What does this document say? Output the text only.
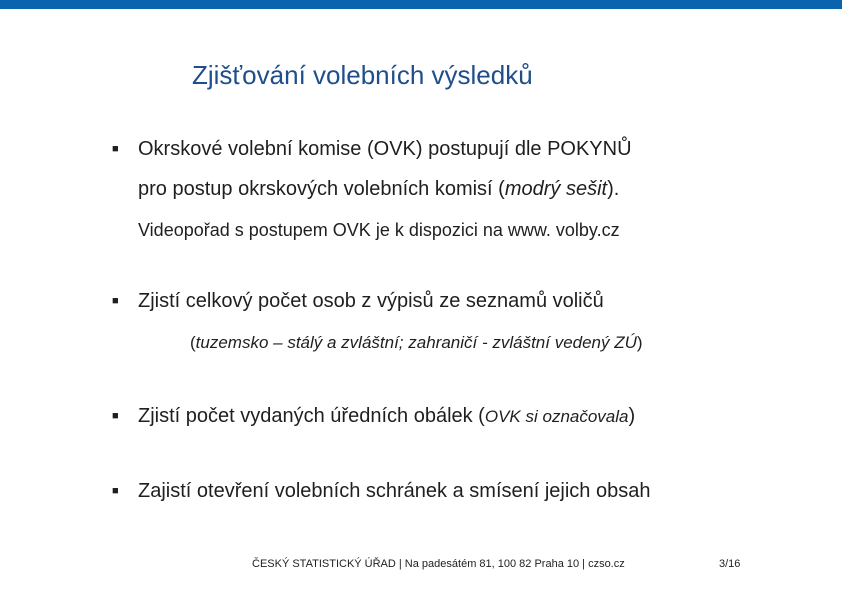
Zjišťování volebních výsledků
■ Okrskové volební komise (OVK) postupují dle POKYNŮ
pro postup okrskových volebních komisí (modrý sešit).
Videopořad s postupem OVK je k dispozici na www. volby.cz
■ Zjistí celkový počet osob z výpisů ze seznamů voličů
(tuzemsko – stálý a zvláštní; zahraničí - zvláštní vedený ZÚ)
■ Zjistí počet vydaných úředních obálek (OVK si označovala)
■ Zajistí otevření volebních schránek a smísení jejich obsah
ČESKÝ STATISTICKÝ ÚŘAD | Na padesátém 81, 100 82 Praha 10 | czso.cz	3/16
